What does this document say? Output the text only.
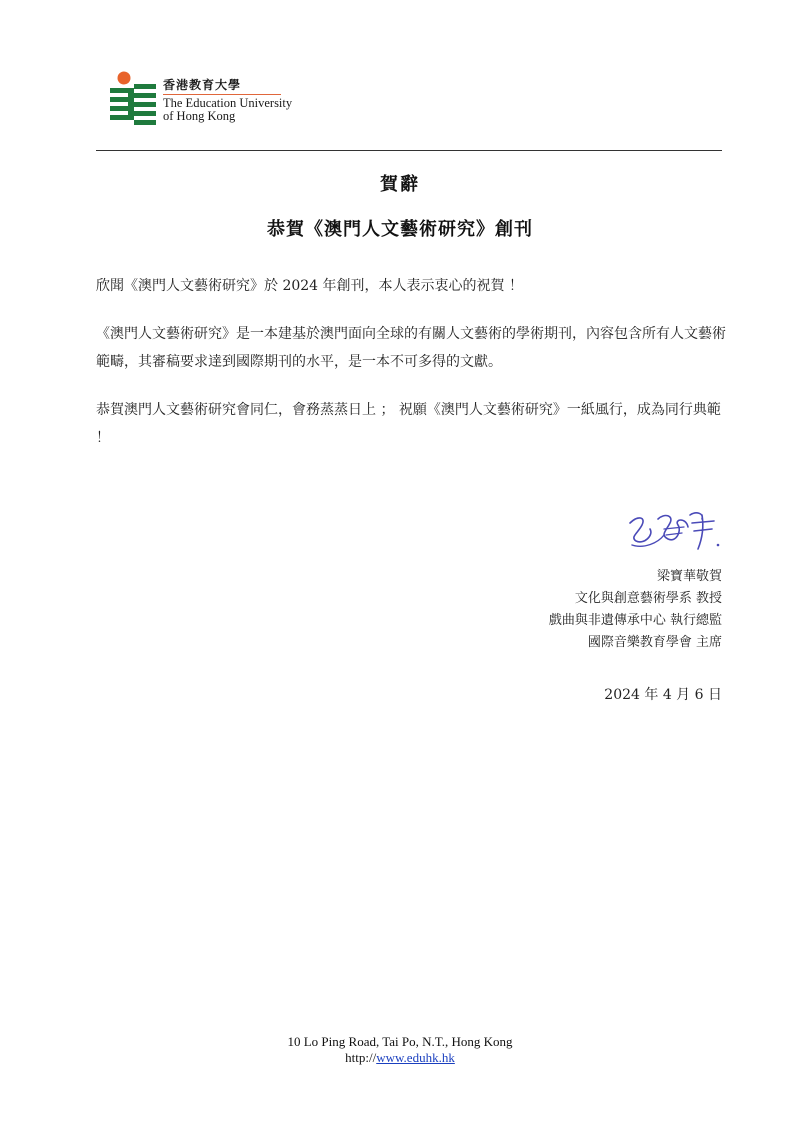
香港教育大學
The Education University
of Hong Kong
賀辭
恭賀《澳門人文藝術研究》創刊
欣聞《澳門人文藝術研究》於 2024 年創刊，本人表示衷心的祝賀 ！
《澳門人文藝術研究》是一本建基於澳門面向全球的有關人文藝術的學術期刊，內容包含所有人文藝術範疇，其審稿要求達到國際期刊的水平，是一本不可多得的文獻。
恭賀澳門人文藝術研究會同仁，會務蒸蒸日上 ； 祝願《澳門人文藝術研究》一紙風行，成為同行典範 ！
梁寶華敬賀
文化與創意藝術學系 教授
戲曲與非遺傳承中心 執行總監
國際音樂教育學會 主席
2024 年 4 月 6 日
10 Lo Ping Road, Tai Po, N.T., Hong Kong
http://www.eduhk.hk
